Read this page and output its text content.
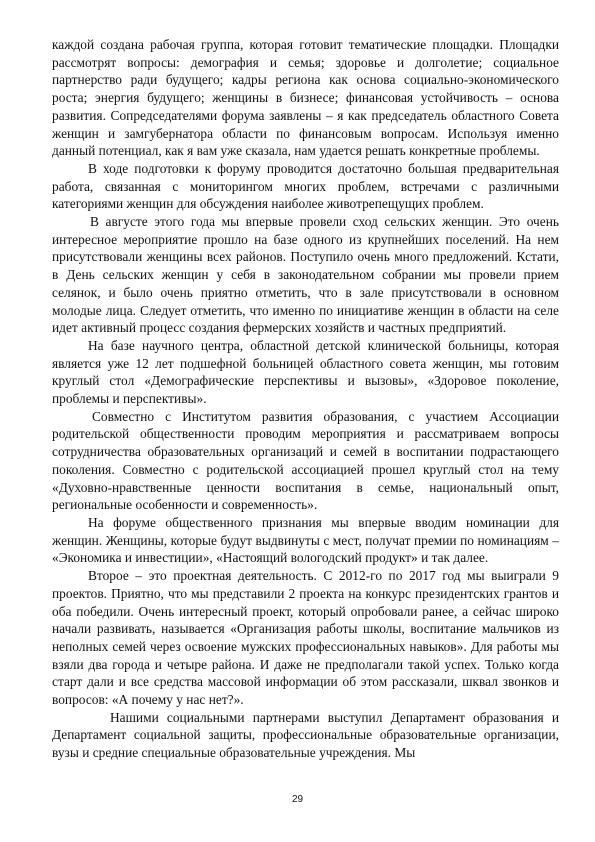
каждой создана рабочая группа, которая готовит тематические площадки. Площадки рассмотрят вопросы: демография и семья; здоровье и долголетие; социальное партнерство ради будущего; кадры региона как основа социально-экономического роста; энергия будущего; женщины в бизнесе; финансовая устойчивость – основа развития. Сопредседателями форума заявлены – я как председатель областного Совета женщин и замгубернатора области по финансовым вопросам. Используя именно данный потенциал, как я вам уже сказала, нам удается решать конкретные проблемы.

В ходе подготовки к форуму проводится достаточно большая предварительная работа, связанная с мониторингом многих проблем, встречами с различными категориями женщин для обсуждения наиболее животрепещущих проблем.

В августе этого года мы впервые провели сход сельских женщин. Это очень интересное мероприятие прошло на базе одного из крупнейших поселений. На нем присутствовали женщины всех районов. Поступило очень много предложений. Кстати, в День сельских женщин у себя в законодательном собрании мы провели прием селянок, и было очень приятно отметить, что в зале присутствовали в основном молодые лица. Следует отметить, что именно по инициативе женщин в области на селе идет активный процесс создания фермерских хозяйств и частных предприятий.

На базе научного центра, областной детской клинической больницы, которая является уже 12 лет подшефной больницей областного совета женщин, мы готовим круглый стол «Демографические перспективы и вызовы», «Здоровое поколение, проблемы и перспективы».

Совместно с Институтом развития образования, с участием Ассоциации родительской общественности проводим мероприятия и рассматриваем вопросы сотрудничества образовательных организаций и семей в воспитании подрастающего поколения. Совместно с родительской ассоциацией прошел круглый стол на тему «Духовно-нравственные ценности воспитания в семье, национальный опыт, региональные особенности и современность».

На форуме общественного признания мы впервые вводим номинации для женщин. Женщины, которые будут выдвинуты с мест, получат премии по номинациям – «Экономика и инвестиции», «Настоящий вологодский продукт» и так далее.

Второе – это проектная деятельность. С 2012-го по 2017 год мы выиграли 9 проектов. Приятно, что мы представили 2 проекта на конкурс президентских грантов и оба победили. Очень интересный проект, который опробовали ранее, а сейчас широко начали развивать, называется «Организация работы школы, воспитание мальчиков из неполных семей через освоение мужских профессиональных навыков». Для работы мы взяли два города и четыре района. И даже не предполагали такой успех. Только когда старт дали и все средства массовой информации об этом рассказали, шквал звонков и вопросов: «А почему у нас нет?».

Нашими социальными партнерами выступил Департамент образования и Департамент социальной защиты, профессиональные образовательные организации, вузы и средние специальные образовательные учреждения. Мы

29
